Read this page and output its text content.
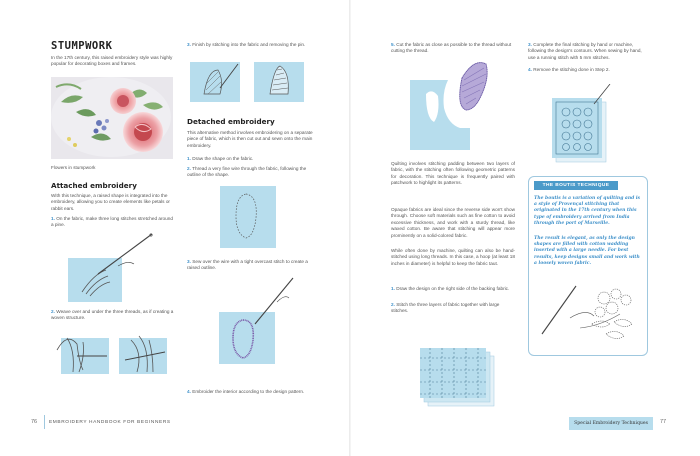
STUMPWORK
In the 17th century, this raised embroidery style was highly popular for decorating boxes and frames.
Flowers in stumpwork
Attached embroidery
With this technique, a raised shape is integrated into the embroidery, allowing you to create elements like petals or rabbit ears.
1. On the fabric, make three long stitches stretched around a pine.
2. Weave over and under the three threads, as if creating a woven structure.
3. Finish by stitching into the fabric and removing the pin.
Detached embroidery
This alternative method involves embroidering on a separate piece of fabric, which is then cut out and sewn onto the main embroidery.
1. Draw the shape on the fabric.
2. Thread a very fine wire through the fabric, following the outline of the shape.
3. Sew over the wire with a tight overcast stitch to create a raised outline.
4. Embroider the interior according to the design pattern.
76 EMBROIDERY HANDBOOK FOR BEGINNERS
5. Cut the fabric as close as possible to the thread without cutting the thread.
Quilting involves stitching padding between two layers of fabric, with the stitching often following geometric patterns for decoration. This technique is frequently paired with patchwork to highlight its patterns.
Opaque fabrics are ideal since the reverse side won't show through. Choose soft materials such as fine cotton to avoid excessive thickness, and work with a sturdy thread, like waxed cotton. Be aware that stitching will appear more prominently on a solid-colored fabric.
While often done by machine, quilting can also be hand-stitched using long threads. In this case, a hoop (at least 18 inches in diameter) is helpful to keep the fabric taut.
1. Draw the design on the right side of the backing fabric.
2. Stitch the three layers of fabric together with large stitches.
3. Complete the final stitching by hand or machine, following the design's contours. When sewing by hand, use a running stitch with 5 mm stitches.
4. Remove the stitching done in Step 2.
THE BOUTIS TECHNIQUE
The boutis is a variation of quilting and is a style of Provençal stitching that originated in the 17th century when this type of embroidery arrived from India through the port of Marseille.
The result is elegant, as only the design shapes are filled with cotton wadding inserted with a large needle. For best results, keep designs small and work with a loosely woven fabric.
Special Embroidery Techniques	77
